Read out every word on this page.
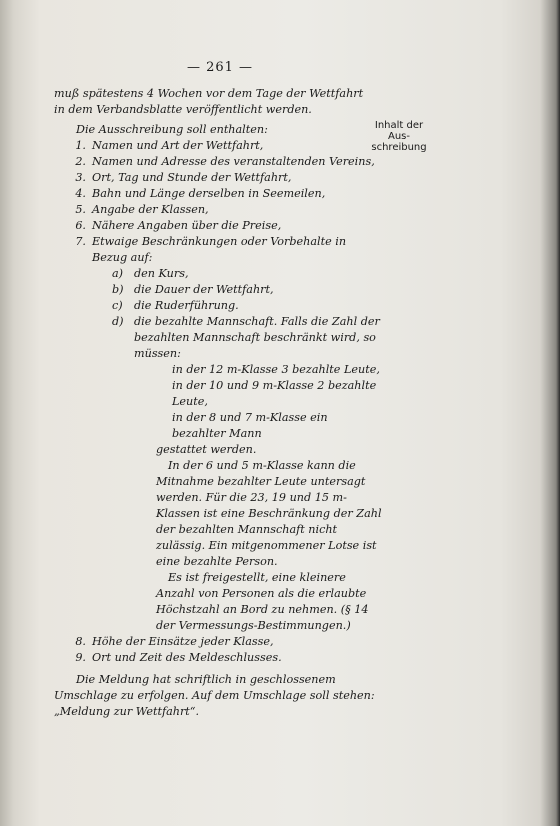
— 261 —
Inhalt der Aus-schreibung

muß spätestens 4 Wochen vor dem Tage der Wettfahrt

in dem Verbandsblatte veröffentlicht werden.

Die Ausschreibung soll enthalten:

1. Namen und Art der Wettfahrt,
2. Namen und Adresse des veranstaltenden Vereins,
3. Ort, Tag und Stunde der Wettfahrt,
4. Bahn und Länge derselben in Seemeilen,
5. Angabe der Klassen,
6. Nähere Angaben über die Preise,
7. Etwaige Beschränkungen oder Vorbehalte in Bezug auf:
a) den Kurs,
b) die Dauer der Wettfahrt,
c)	die Ruderführung.
d) die bezahlte Mannschaft. Falls die Zahl der bezahlten Mannschaft beschränkt wird, so müssen:

in der 12 m-Klasse 3 bezahlte Leute,

in der 10 und 9 m-Klasse 2 bezahlte Leute,

in der 8 und 7 m-Klasse ein bezahlter Mann

gestattet werden.

In der 6 und 5 m-Klasse kann die Mitnahme bezahlter Leute untersagt werden. Für die 23, 19 und 15 m-Klassen ist eine Beschränkung der Zahl der bezahlten Mannschaft nicht zulässig. Ein mitgenommener Lotse ist eine bezahlte Person.

Es ist freigestellt, eine kleinere Anzahl von Personen als die erlaubte Höchstzahl an Bord zu nehmen. (§ 14 der Vermessungs-Bestimmungen.)

8. Höhe der Einsätze jeder Klasse,
9. Ort und Zeit des Meldeschlusses.

Die Meldung hat schriftlich in geschlossenem Umschlage zu erfolgen. Auf dem Umschlage soll stehen: „Meldung zur Wettfahrt“.
